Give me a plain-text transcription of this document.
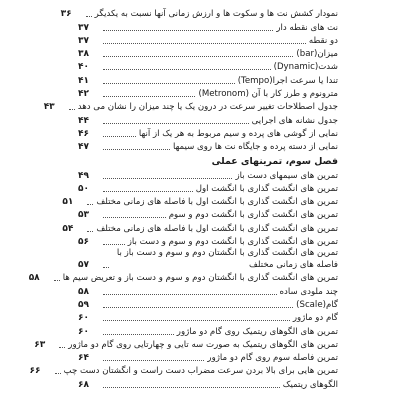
نمودار کشش نت ها و سکوت ها و ارزش زمانی آنها نسبت به یکدیگر
۳۶
نت های نقطه دار
۳۷
دو نقطه
۳۷
میزان(bar)
۳۸
شدت(Dynamic)
۴۰
تندا یا سرعت اجرا(Tempo)
۴۱
مترونوم و طرز کار با آن (Metronom)
۴۲
جدول اصطلاحات تغییر سرعت در درون یک یا چند میزان را نشان می دهد
۴۳
جدول نشانه های اجرایی
۴۴
نمایی از گوشی های پرده و سیم مربوط به هر یک از آنها
۴۶
نمایی از دسته پرده و جایگاه نت ها روی سیمها
۴۷
فصل سوم، تمرینهای عملی
تمرین های سیمهای دست باز
۴۹
تمرین های انگشت گذاری با انگشت اول
۵۰
تمرین های انگشت گذاری با انگشت اول با فاصله های زمانی مختلف
۵۱
تمرین های انگشت گذاری با انگشت دوم و سوم
۵۳
تمرین های انگشت گذاری با انگشت اول با فاصله های زمانی مختلف
۵۴
تمرین های انگشت گذاری با انگشت دوم و سوم و دست باز
۵۶
تمرین های انگشت گذاری با انگشتان دوم و سوم و دست باز با فاصله های زمانی مختلف
۵۷
تمرین های انگشت گذاری با انگشتان دوم و سوم و دست باز و تعریض سیم ها
۵۸
چند ملودی ساده
۵۸
گام(Scale)
۵۹
گام دو ماژور
۶۰
تمرین های الگوهای ریتمیک روی گام دو ماژور
۶۰
تمرین های الگوهای ریتمیک به صورت سه تایی و چهارتایی روی گام دو ماژور
۶۳
تمرین فاصله سوم روی گام دو ماژور
۶۴
تمرین هایی برای بالا بردن سرعت مضراب دست راست و انگشتان دست چپ
۶۶
الگوهای ریتمیک
۶۸
